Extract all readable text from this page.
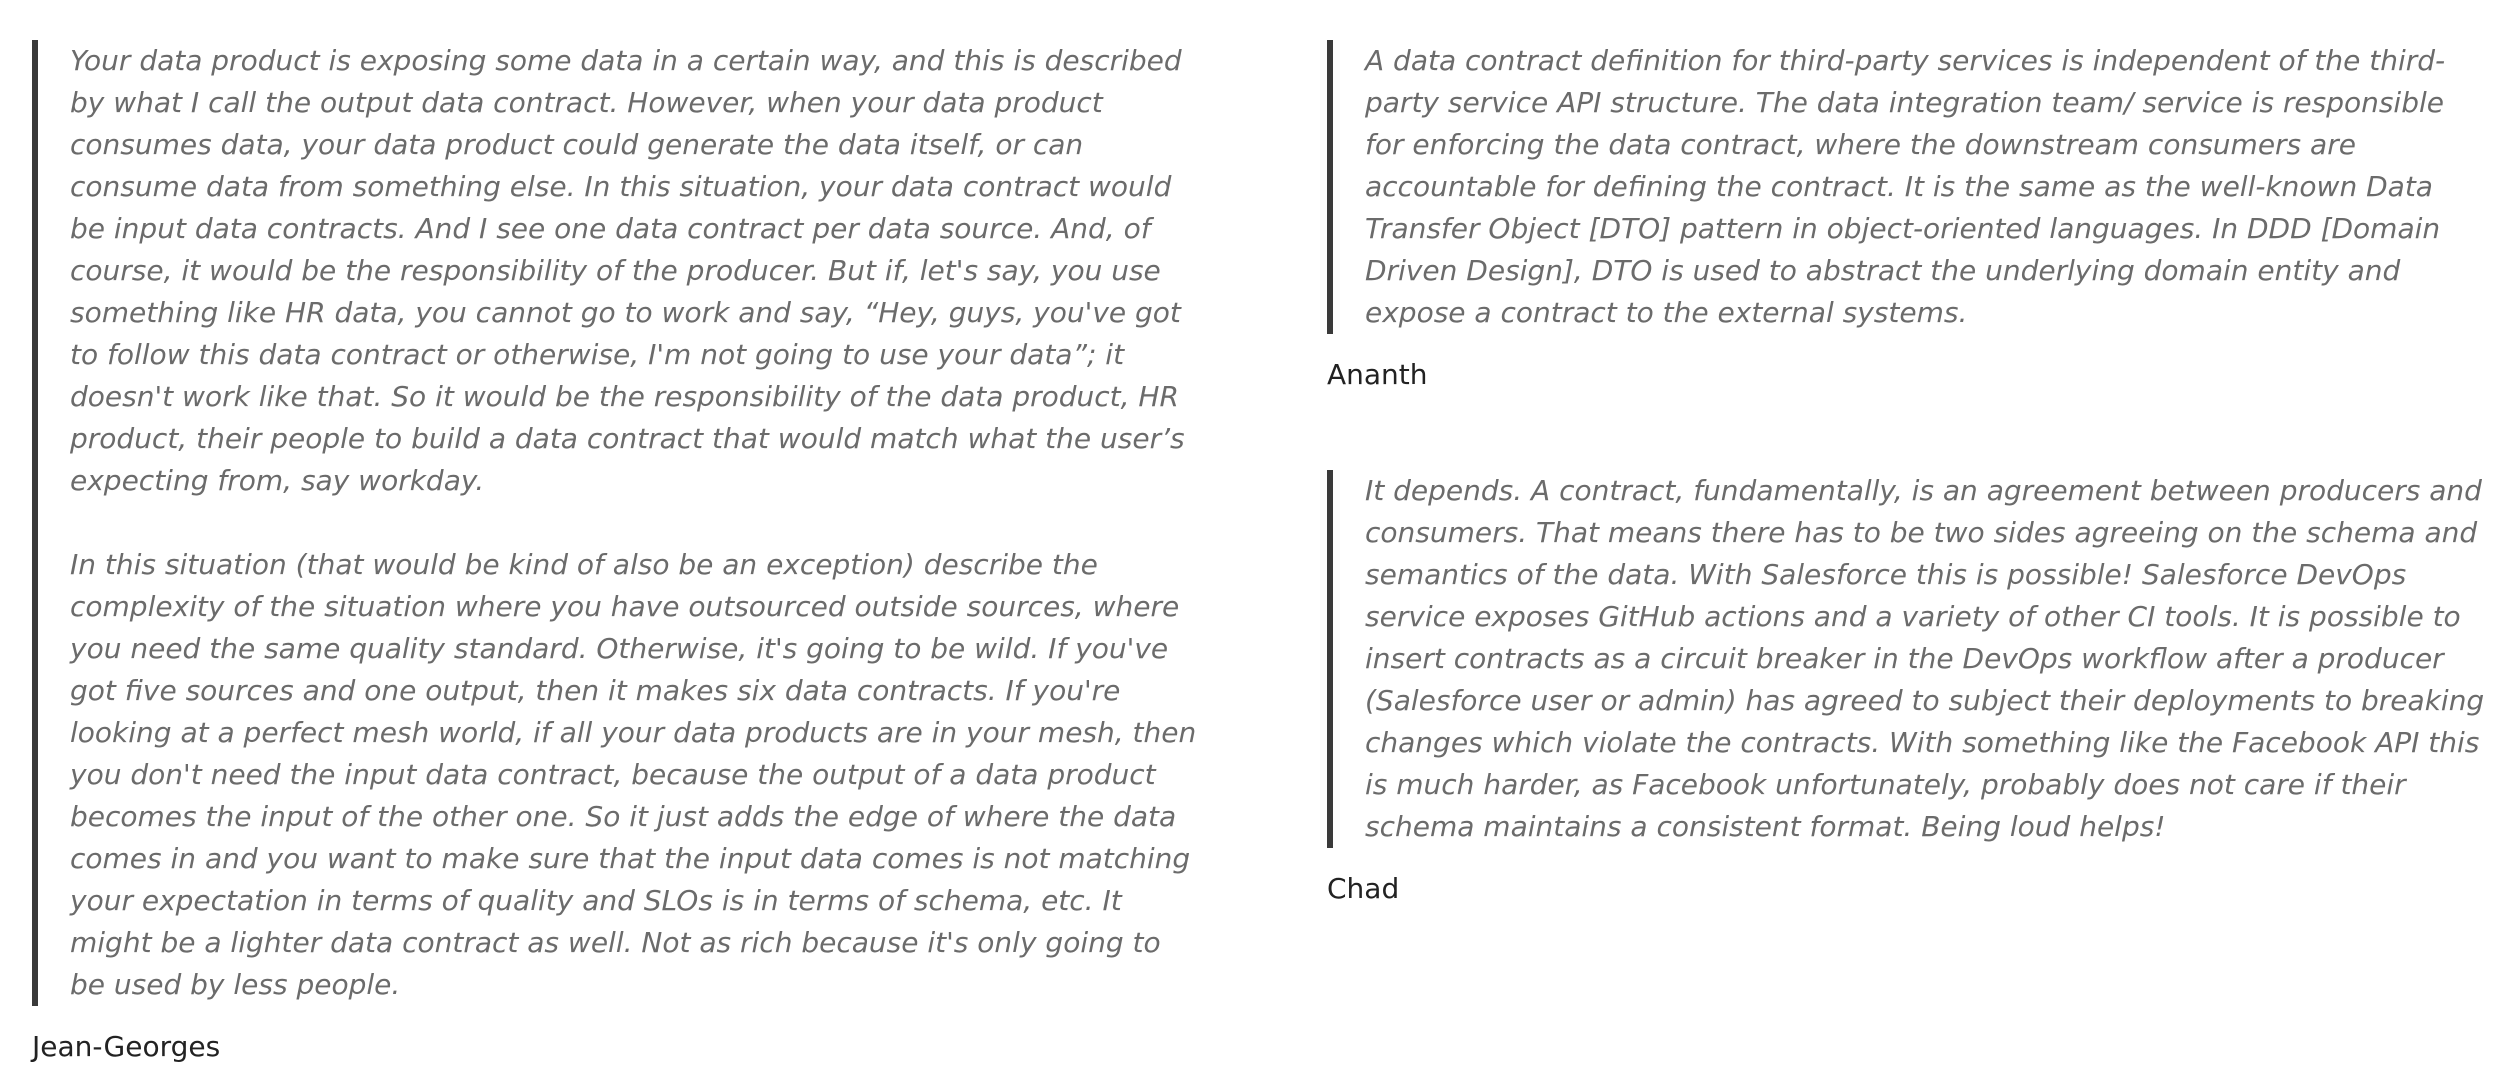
Your data product is exposing some data in a certain way, and this is described by what I call the output data contract. However, when your data product consumes data, your data product could generate the data itself, or can consume data from something else. In this situation, your data contract would be input data contracts. And I see one data contract per data source. And, of course, it would be the responsibility of the producer. But if, let's say, you use something like HR data, you cannot go to work and say, “Hey, guys, you've got to follow this data contract or otherwise, I'm not going to use your data”; it doesn't work like that. So it would be the responsibility of the data product, HR product, their people to build a data contract that would match what the user’s expecting from, say workday.

In this situation (that would be kind of also be an exception) describe the complexity of the situation where you have outsourced outside sources, where you need the same quality standard. Otherwise, it's going to be wild. If you've got five sources and one output, then it makes six data contracts. If you're looking at a perfect mesh world, if all your data products are in your mesh, then you don't need the input data contract, because the output of a data product becomes the input of the other one. So it just adds the edge of where the data comes in and you want to make sure that the input data comes is not matching your expectation in terms of quality and SLOs is in terms of schema, etc. It might be a lighter data contract as well. Not as rich because it's only going to be used by less people.

Jean-Georges

A data contract definition for third-party services is independent of the third-party service API structure. The data integration team/ service is responsible for enforcing the data contract, where the downstream consumers are accountable for defining the contract. It is the same as the well-known Data Transfer Object [DTO] pattern in object-oriented languages. In DDD [Domain Driven Design], DTO is used to abstract the underlying domain entity and expose a contract to the external systems.

Ananth

It depends. A contract, fundamentally, is an agreement between producers and consumers. That means there has to be two sides agreeing on the schema and semantics of the data. With Salesforce this is possible! Salesforce DevOps service exposes GitHub actions and a variety of other CI tools. It is possible to insert contracts as a circuit breaker in the DevOps workflow after a producer (Salesforce user or admin) has agreed to subject their deployments to breaking changes which violate the contracts. With something like the Facebook API this is much harder, as Facebook unfortunately, probably does not care if their schema maintains a consistent format. Being loud helps!

Chad
